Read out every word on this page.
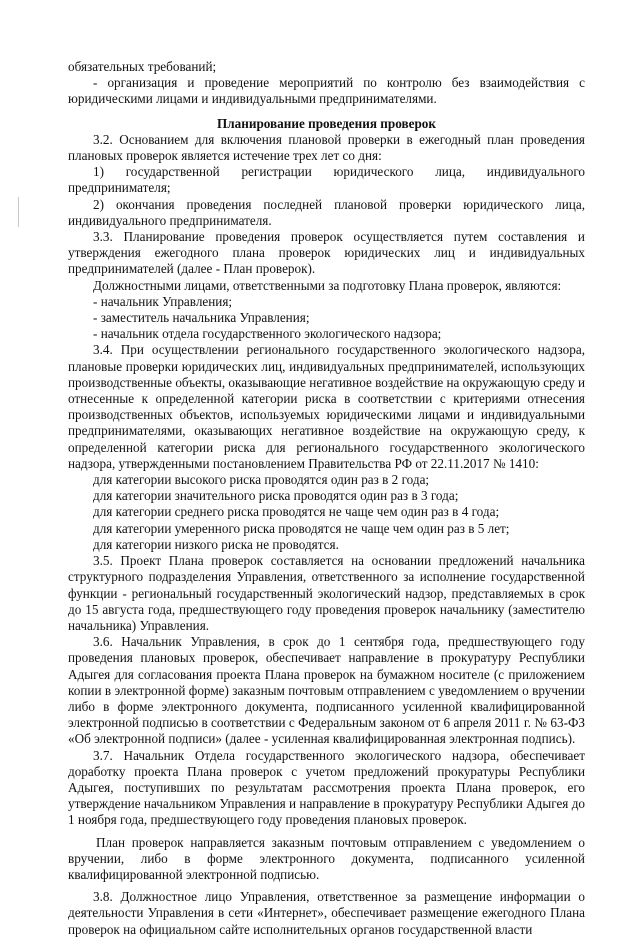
обязательных требований;

- организация и проведение мероприятий по контролю без взаимодействия с юридическими лицами и индивидуальными предпринимателями.

Планирование проведения проверок

3.2. Основанием для включения плановой проверки в ежегодный план проведения плановых проверок является истечение трех лет со дня:

1) государственной регистрации юридического лица, индивидуального предпринимателя;

2) окончания проведения последней плановой проверки юридического лица, индивидуального предпринимателя.

3.3. Планирование проведения проверок осуществляется путем составления и утверждения ежегодного плана проверок юридических лиц и индивидуальных предпринимателей (далее - План проверок).

Должностными лицами, ответственными за подготовку Плана проверок, являются:

- начальник Управления;

- заместитель начальника Управления;

- начальник отдела государственного экологического надзора;

3.4. При осуществлении регионального государственного экологического надзора, плановые проверки юридических лиц, индивидуальных предпринимателей, использующих производственные объекты, оказывающие негативное воздействие на окружающую среду и отнесенные к определенной категории риска в соответствии с критериями отнесения производственных объектов, используемых юридическими лицами и индивидуальными предпринимателями, оказывающих негативное воздействие на окружающую среду, к определенной категории риска для регионального государственного экологического надзора, утвержденными постановлением Правительства РФ от 22.11.2017 № 1410:

для категории высокого риска проводятся один раз в 2 года;

для категории значительного риска проводятся один раз в 3 года;

для категории среднего риска проводятся не чаще чем один раз в 4 года;

для категории умеренного риска проводятся не чаще чем один раз в 5 лет;

для категории низкого риска не проводятся.

3.5. Проект Плана проверок составляется на основании предложений начальника структурного подразделения Управления, ответственного за исполнение государственной функции - региональный государственный экологический надзор, представляемых в срок до 15 августа года, предшествующего году проведения проверок начальнику (заместителю начальника) Управления.

3.6. Начальник Управления, в срок до 1 сентября года, предшествующего году проведения плановых проверок, обеспечивает направление в прокуратуру Республики Адыгея для согласования проекта Плана проверок на бумажном носителе (с приложением копии в электронной форме) заказным почтовым отправлением с уведомлением о вручении либо в форме электронного документа, подписанного усиленной квалифицированной электронной подписью в соответствии с Федеральным законом от 6 апреля 2011 г. № 63-ФЗ «Об электронной подписи» (далее - усиленная квалифицированная электронная подпись).

3.7. Начальник Отдела государственного экологического надзора, обеспечивает доработку проекта Плана проверок с учетом предложений прокуратуры Республики Адыгея, поступивших по результатам рассмотрения проекта Плана проверок, его утверждение начальником Управления и направление в прокуратуру Республики Адыгея до 1 ноября года, предшествующего году проведения плановых проверок.

План проверок направляется заказным почтовым отправлением с уведомлением о вручении, либо в форме электронного документа, подписанного усиленной квалифицированной электронной подписью.

3.8. Должностное лицо Управления, ответственное за размещение информации о деятельности Управления в сети «Интернет», обеспечивает размещение ежегодного Плана проверок на официальном сайте исполнительных органов государственной власти
